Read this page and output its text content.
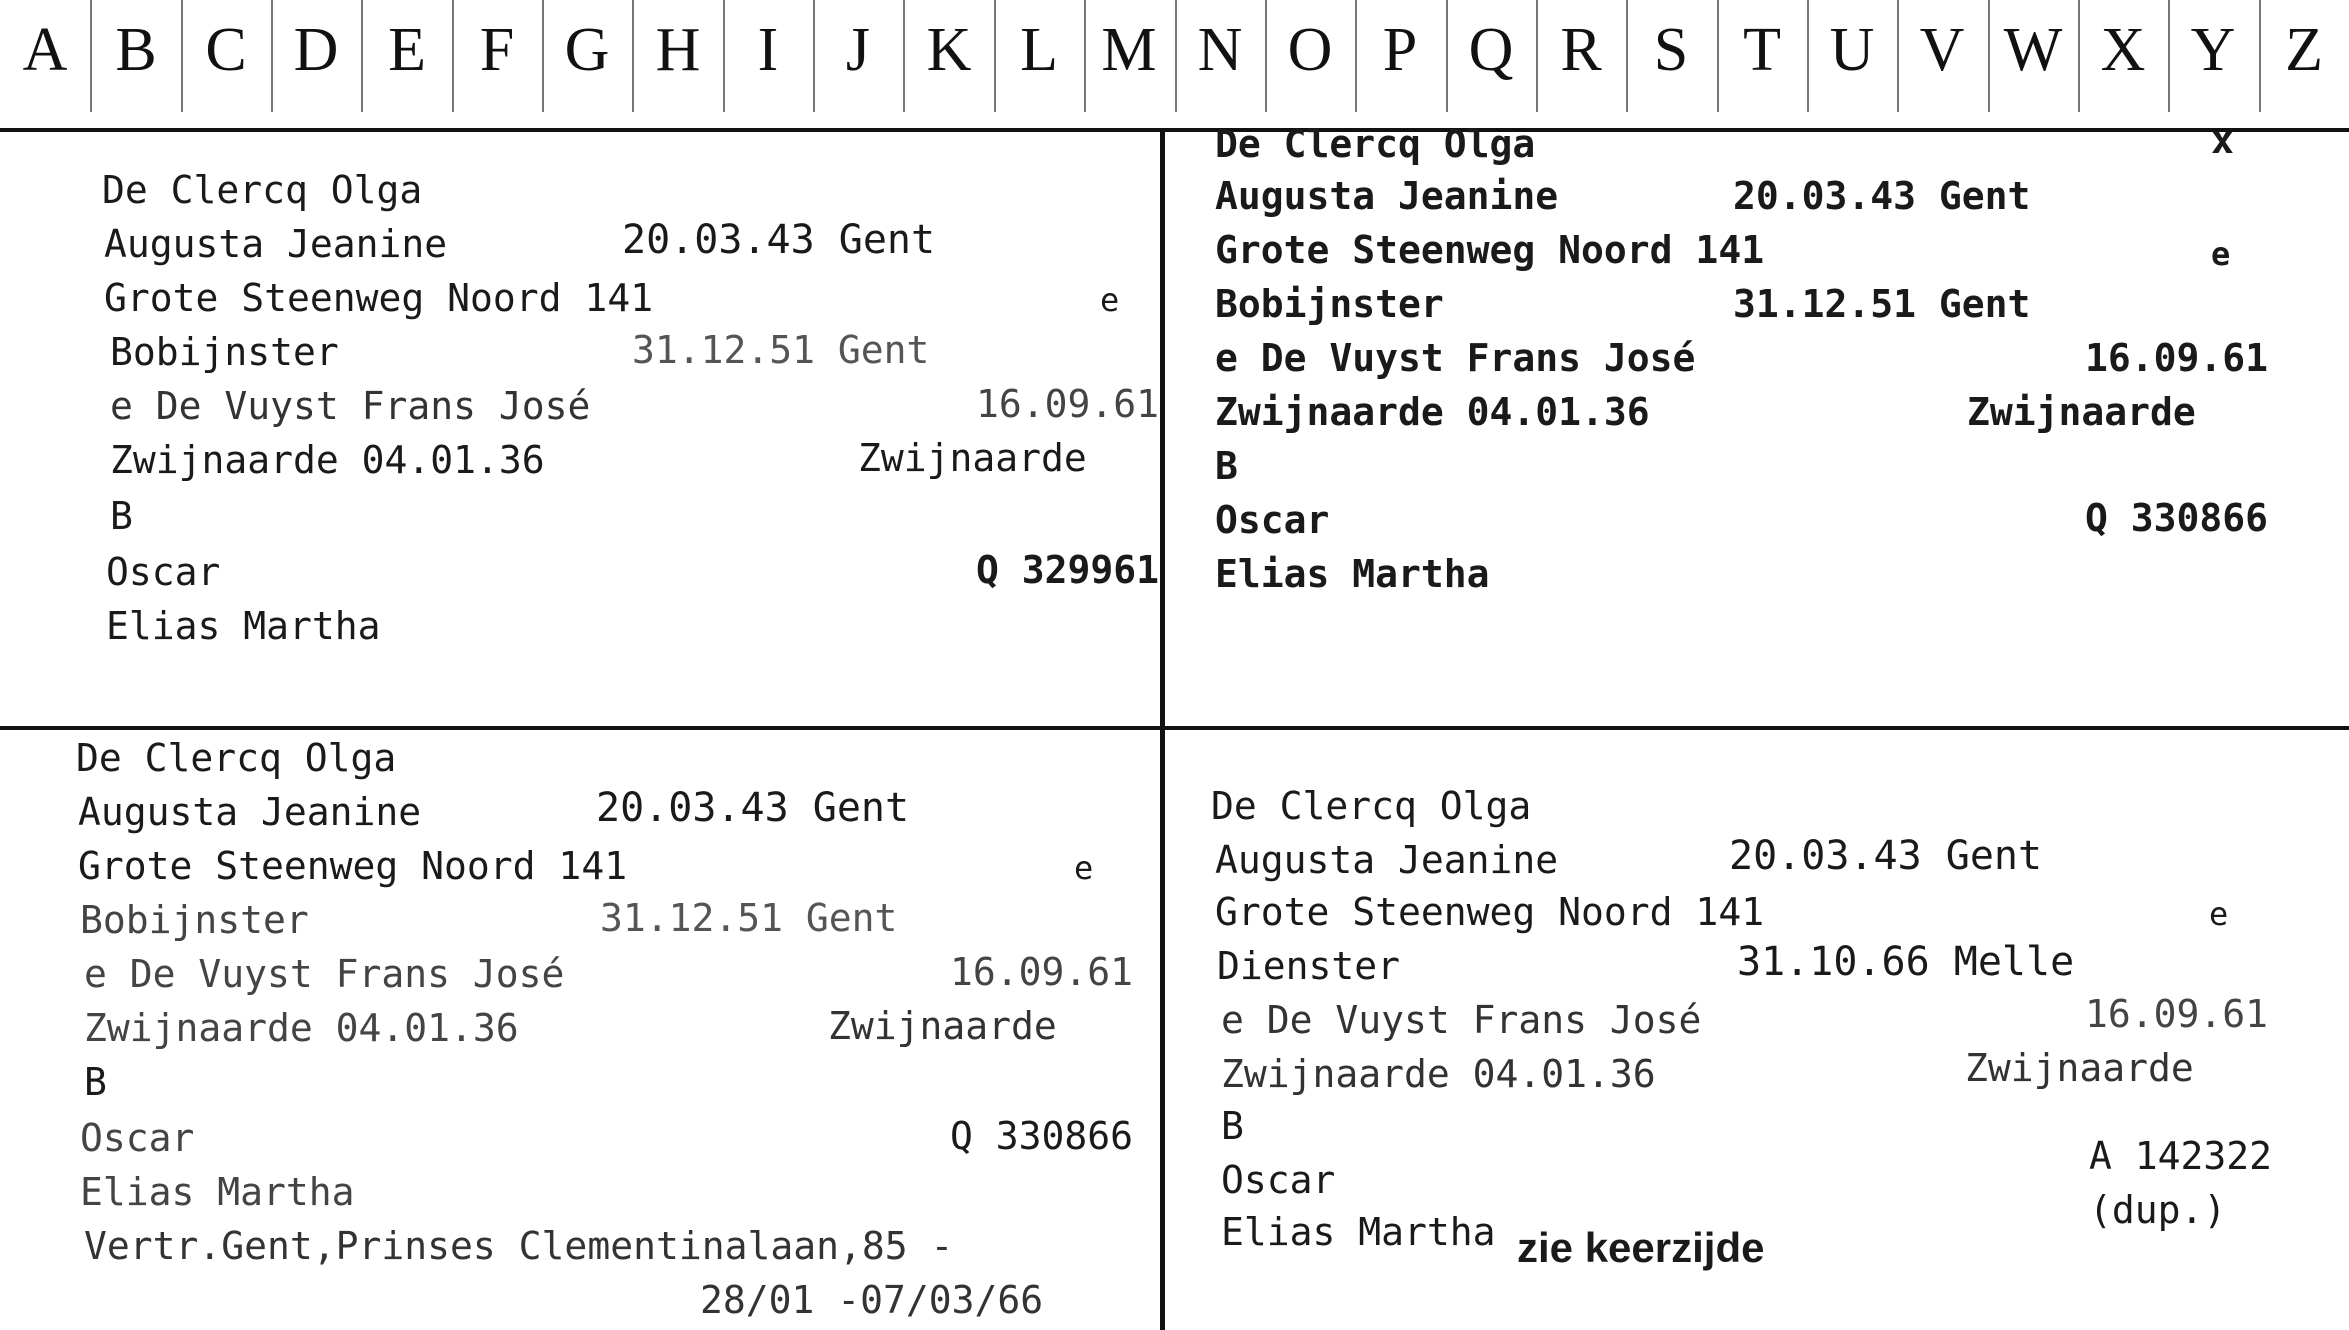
A B C D E F G H I	J K L M N O P Q R S T U V W X Y Z
De Clercq Olga
Augusta Jeanine	20.03.43 Gent
Grote Steenweg Noord 141	e
Bobijnster	31.12.51 Gent
e De Vuyst Frans José	16.09.61
Zwijnaarde 04.01.36	Zwijnaarde
B
Oscar	Q 329961
Elias Martha
De Clercq Olga	x
Augusta Jeanine	20.03.43 Gent
Grote Steenweg Noord 141	e
Bobijnster	31.12.51 Gent
e De Vuyst Frans José	16.09.61
Zwijnaarde 04.01.36	Zwijnaarde
B
Oscar	Q 330866
Elias Martha
De Clercq Olga
Augusta Jeanine	20.03.43 Gent
Grote Steenweg Noord 141	e
Bobijnster	31.12.51 Gent
e De Vuyst Frans José	16.09.61
Zwijnaarde 04.01.36	Zwijnaarde
B
Oscar	Q 330866
Elias Martha
Vertr.Gent,Prinses Clementinalaan,85 -
28/01 -07/03/66
De Clercq Olga
Augusta Jeanine	20.03.43 Gent
Grote Steenweg Noord 141	e
Dienster	31.10.66 Melle
e De Vuyst Frans José	16.09.61
Zwijnaarde 04.01.36	Zwijnaarde
B
Oscar
A 142322
(dup.)
Elias Martha zie keerzijde
